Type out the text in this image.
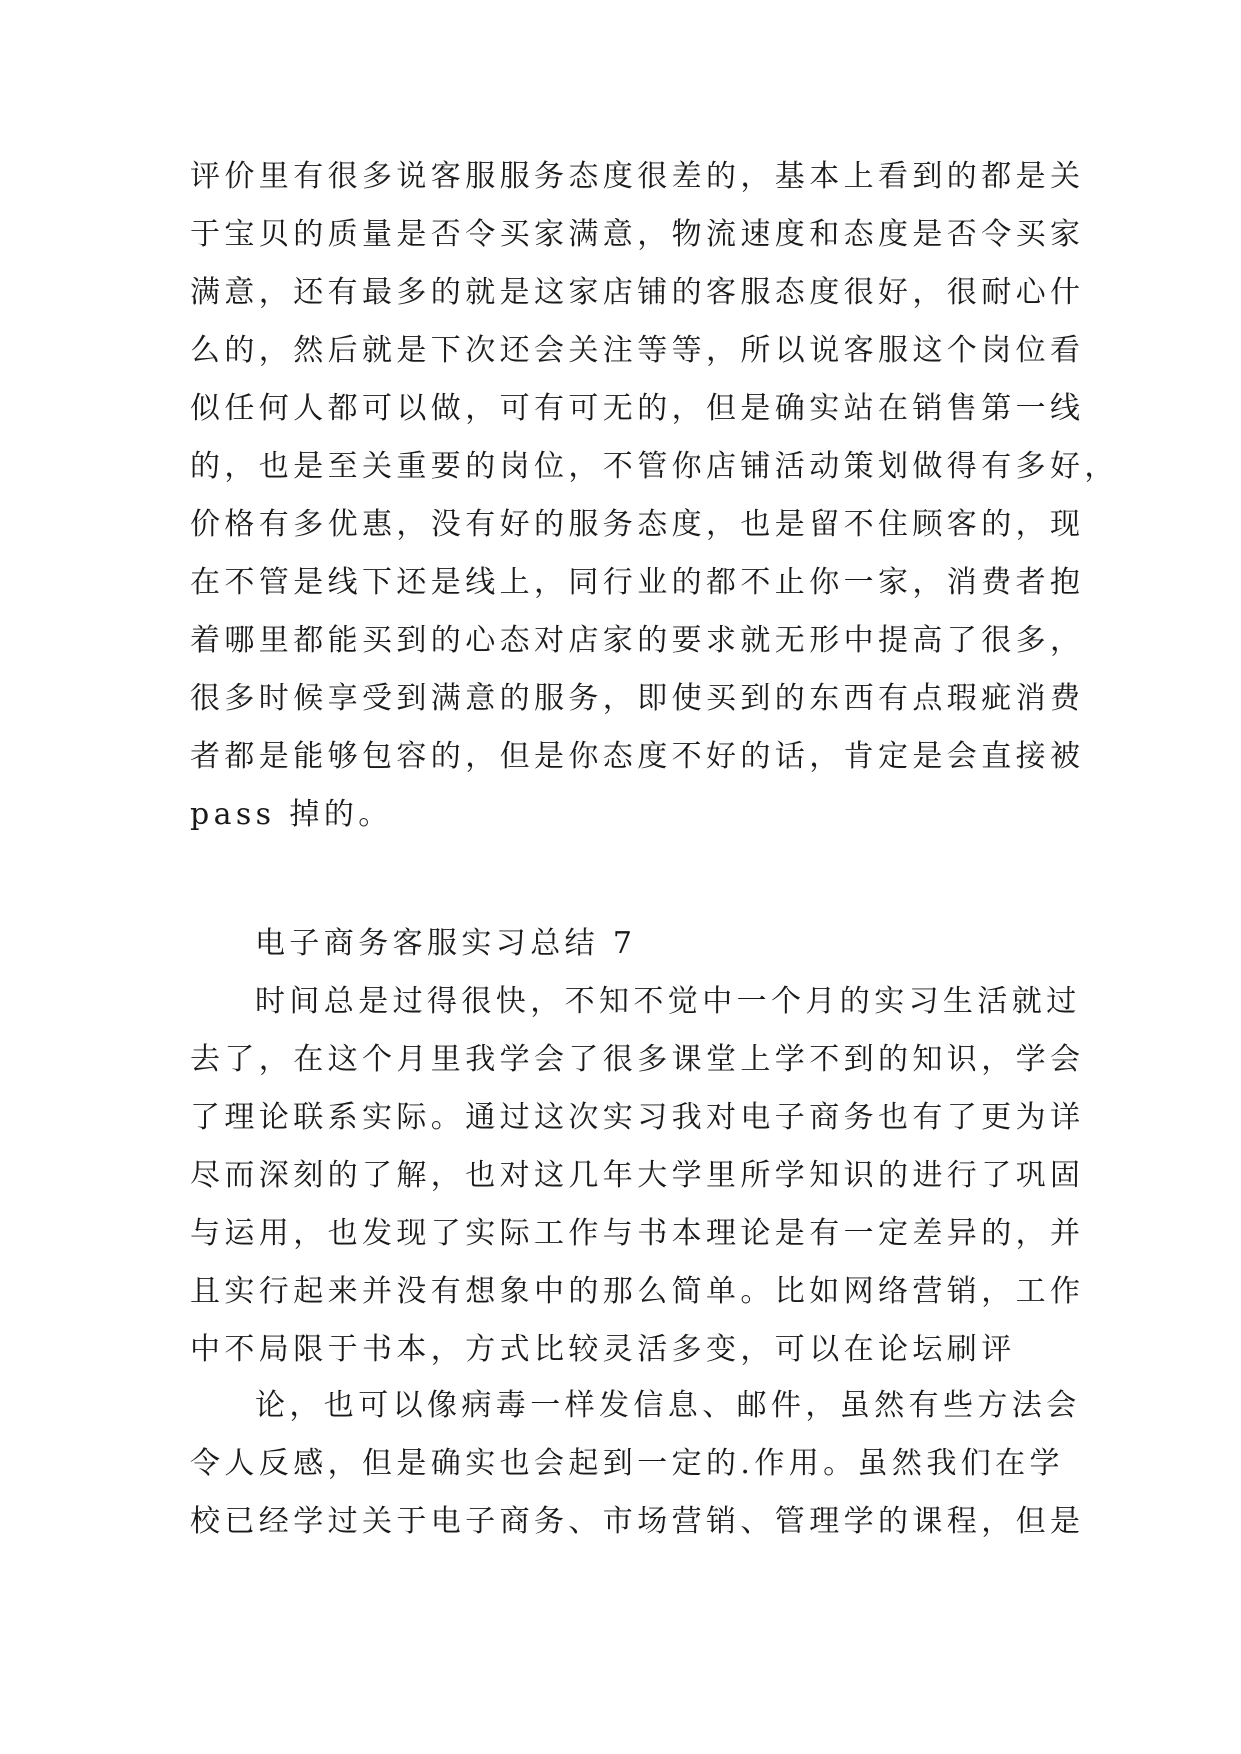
评价里有很多说客服服务态度很差的，基本上看到的都是关
于宝贝的质量是否令买家满意，物流速度和态度是否令买家
满意，还有最多的就是这家店铺的客服态度很好，很耐心什
么的，然后就是下次还会关注等等，所以说客服这个岗位看
似任何人都可以做，可有可无的，但是确实站在销售第一线
的，也是至关重要的岗位，不管你店铺活动策划做得有多好，
价格有多优惠，没有好的服务态度，也是留不住顾客的，现
在不管是线下还是线上，同行业的都不止你一家，消费者抱
着哪里都能买到的心态对店家的要求就无形中提高了很多，
很多时候享受到满意的服务，即使买到的东西有点瑕疵消费
者都是能够包容的，但是你态度不好的话，肯定是会直接被
pass 掉的。
电子商务客服实习总结 7
时间总是过得很快，不知不觉中一个月的实习生活就过
去了，在这个月里我学会了很多课堂上学不到的知识，学会
了理论联系实际。通过这次实习我对电子商务也有了更为详
尽而深刻的了解，也对这几年大学里所学知识的进行了巩固
与运用，也发现了实际工作与书本理论是有一定差异的，并
且实行起来并没有想象中的那么简单。比如网络营销，工作
中不局限于书本，方式比较灵活多变，可以在论坛刷评
论，也可以像病毒一样发信息、邮件，虽然有些方法会
令人反感，但是确实也会起到一定的.作用。虽然我们在学
校已经学过关于电子商务、市场营销、管理学的课程，但是
